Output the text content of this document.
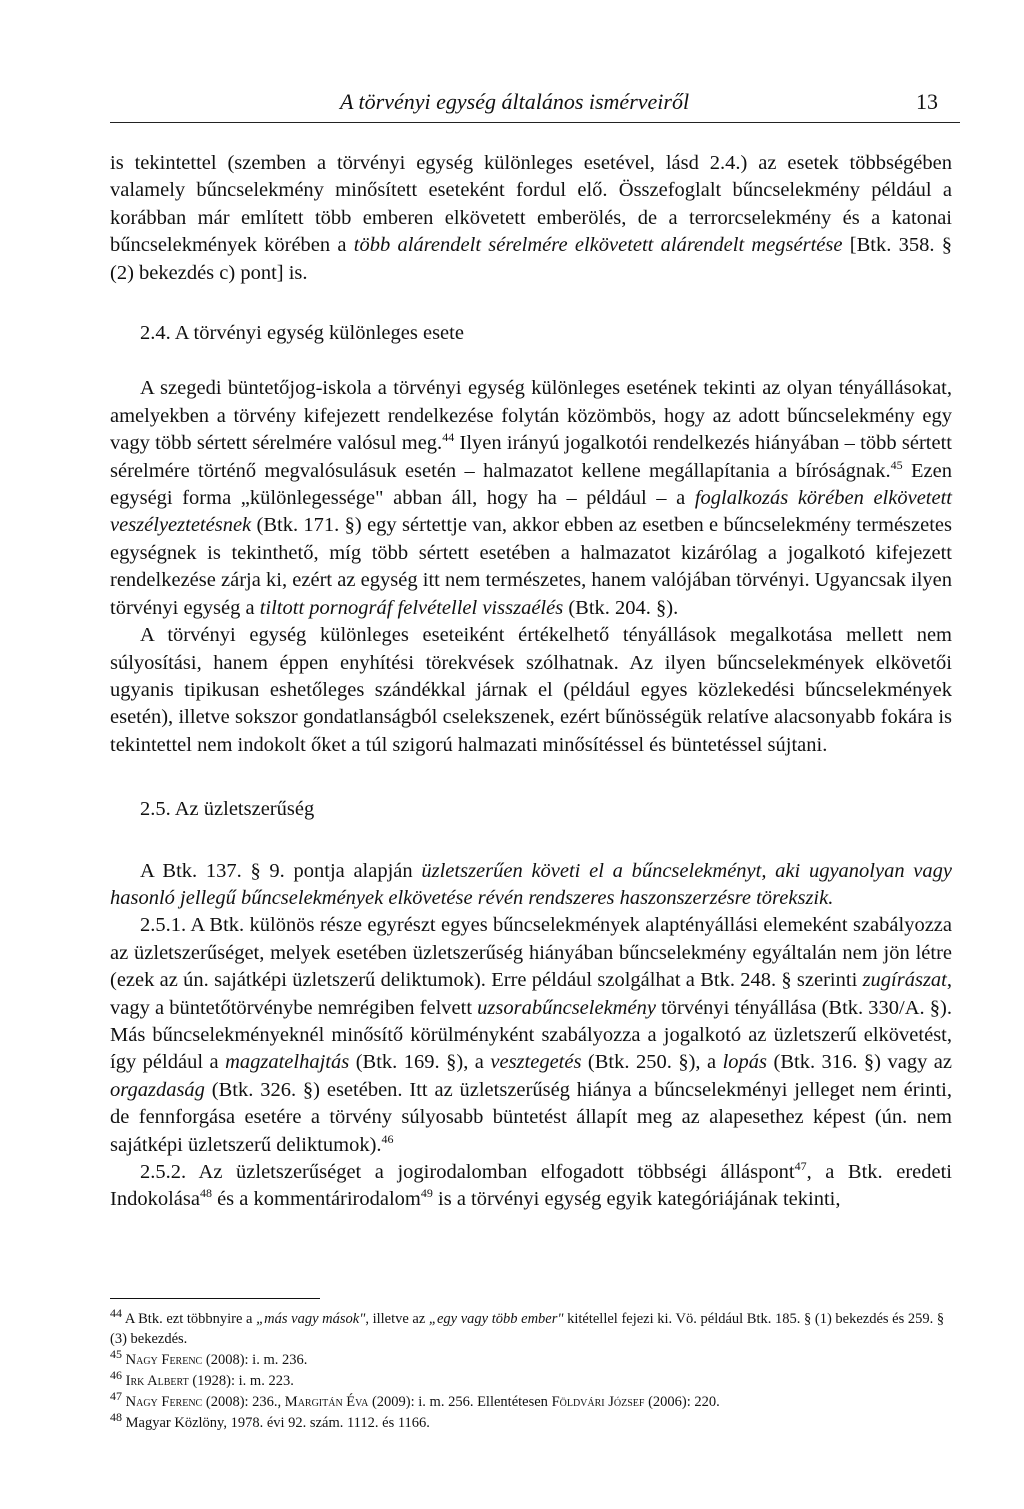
A törvényi egység általános ismérveiről	13

is tekintettel (szemben a törvényi egység különleges esetével, lásd 2.4.) az esetek többségében valamely bűncselekmény minősített eseteként fordul elő. Összefoglalt bűncselekmény például a korábban már említett több emberen elkövetett emberölés, de a terrorcselekmény és a katonai bűncselekmények körében a több alárendelt sérelmére elkövetett alárendelt megsértése [Btk. 358. § (2) bekezdés c) pont] is.

2.4. A törvényi egység különleges esete

A szegedi büntetőjog-iskola a törvényi egység különleges esetének tekinti az olyan tényállásokat, amelyekben a törvény kifejezett rendelkezése folytán közömbös, hogy az adott bűncselekmény egy vagy több sértett sérelmére valósul meg.$^{44}$ Ilyen irányú jogalkotói rendelkezés hiányában – több sértett sérelmére történő megvalósulásuk esetén – halmazatot kellene megállapítania a bíróságnak.$^{45}$ Ezen egységi forma „különlegessége" abban áll, hogy ha – például – a foglalkozás körében elkövetett veszélyeztetésnek (Btk. 171. §) egy sértettje van, akkor ebben az esetben e bűncselekmény természetes egységnek is tekinthető, míg több sértett esetében a halmazatot kizárólag a jogalkotó kifejezett rendelkezése zárja ki, ezért az egység itt nem természetes, hanem valójában törvényi. Ugyancsak ilyen törvényi egység a tiltott pornográf felvétellel visszaélés (Btk. 204. §).

A törvényi egység különleges eseteiként értékelhető tényállások megalkotása mellett nem súlyosítási, hanem éppen enyhítési törekvések szólhatnak. Az ilyen bűncselekmények elkövetői ugyanis tipikusan eshetőleges szándékkal járnak el (például egyes közlekedési bűncselekmények esetén), illetve sokszor gondatlanságból cselekszenek, ezért bűnösségük relatíve alacsonyabb fokára is tekintettel nem indokolt őket a túl szigorú halmazati minősítéssel és büntetéssel sújtani.

2.5. Az üzletszerűség

A Btk. 137. § 9. pontja alapján üzletszerűen követi el a bűncselekményt, aki ugyanolyan vagy hasonló jellegű bűncselekmények elkövetése révén rendszeres haszonszerzésre törekszik.

2.5.1. A Btk. különös része egyrészt egyes bűncselekmények alaptényállási elemeként szabályozza az üzletszerűséget, melyek esetében üzletszerűség hiányában bűncselekmény egyáltalán nem jön létre (ezek az ún. sajátképi üzletszerű deliktumok). Erre például szolgálhat a Btk. 248. § szerinti zugírászat, vagy a büntetőtörvénybe nemrégiben felvett uzsorabűncselekmény törvényi tényállása (Btk. 330/A. §). Más bűncselekményeknél minősítő körülményként szabályozza a jogalkotó az üzletszerű elkövetést, így például a magzatelhajtás (Btk. 169. §), a vesztegetés (Btk. 250. §), a lopás (Btk. 316. §) vagy az orgazdaság (Btk. 326. §) esetében. Itt az üzletszerűség hiánya a bűncselekményi jelleget nem érinti, de fennforgása esetére a törvény súlyosabb büntetést állapít meg az alapesethez képest (ún. nem sajátképi üzletszerű deliktumok).$^{46}$

2.5.2. Az üzletszerűséget a jogirodalomban elfogadott többségi álláspont$^{47}$, a Btk. eredeti Indokolása$^{48}$ és a kommentárirodalom$^{49}$ is a törvényi egység egyik kategóriájának tekinti,

$^{44}$ A Btk. ezt többnyire a „más vagy mások", illetve az „egy vagy több ember" kitétellel fejezi ki. Vö. például Btk. 185. § (1) bekezdés és 259. § (3) bekezdés.

$^{45}$ Nagy Ferenc (2008): i. m. 236.

$^{46}$ Irk Albert (1928): i. m. 223.

$^{47}$ Nagy Ferenc (2008): 236., Margitán Éva (2009): i. m. 256. Ellentétesen Földvári József (2006): 220.

$^{48}$ Magyar Közlöny, 1978. évi 92. szám. 1112. és 1166.
